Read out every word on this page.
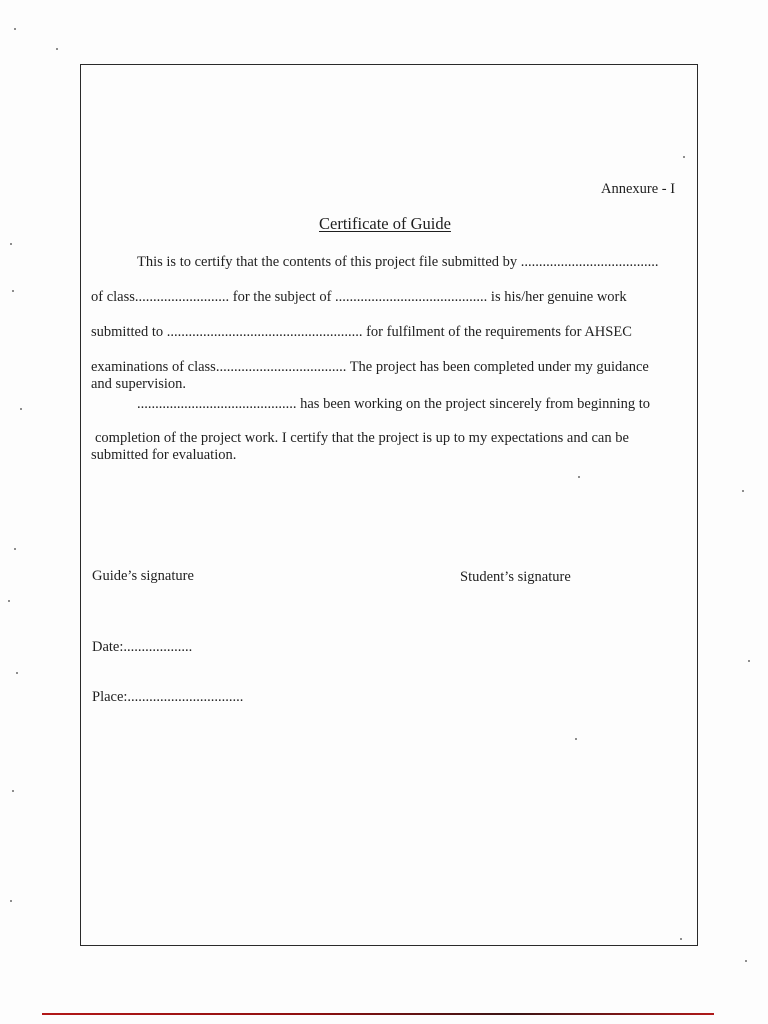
Annexure - I
Certificate of Guide
This is to certify that the contents of this project file submitted by ......................................
of class.......................... for the subject of .......................................... is his/her genuine work
submitted to ...................................................... for fulfilment of the requirements for AHSEC
examinations of class.................................... The project has been completed under my guidance
and supervision.
............................................ has been working on the project sincerely from beginning to
completion of the project work. I certify that the project is up to my expectations and can be
submitted for evaluation.
Guide’s signature	Student’s signature
Date:...................
Place:................................
